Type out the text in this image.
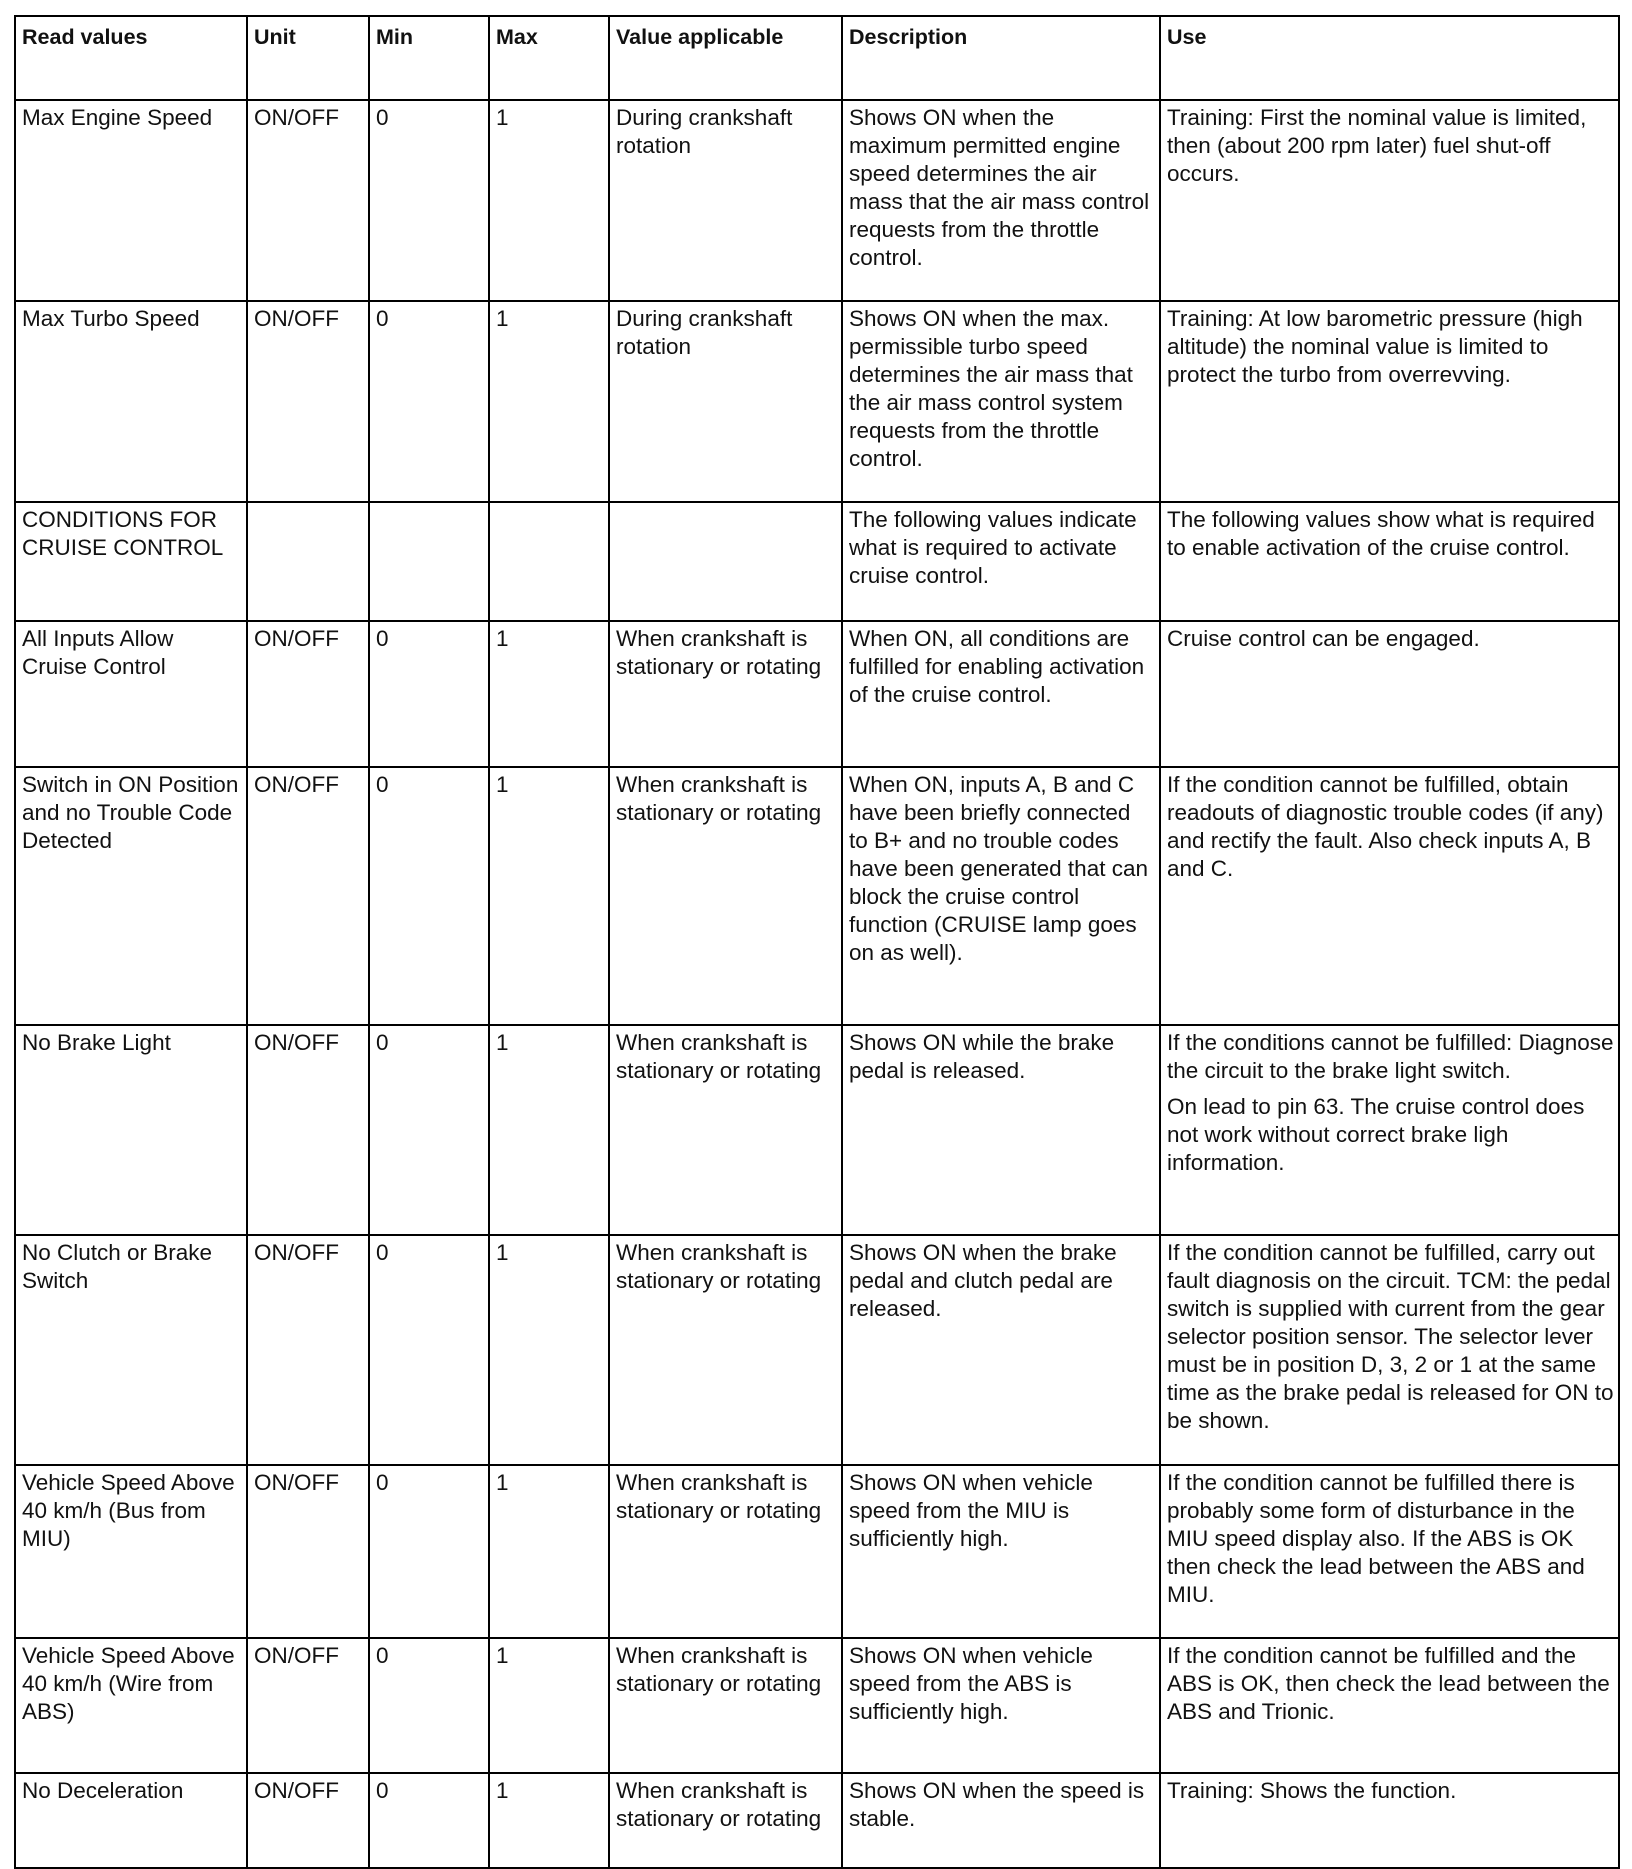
Read values	Unit	Min	Max	Value applicable	Description	Use
Max Engine Speed	ON/OFF	0	1	During crankshaft rotation	Shows ON when the maximum permitted engine speed determines the air mass that the air mass control requests from the throttle control.	Training: First the nominal value is limited, then (about 200 rpm later) fuel shut-off occurs.

Max Turbo Speed	ON/OFF	0	1	During crankshaft rotation	Shows ON when the max. permissible turbo speed determines the air mass that the air mass control system requests from the throttle control.	Training: At low barometric pressure (high altitude) the nominal value is limited to protect the turbo from overrevving.

CONDITIONS FOR CRUISE CONTROL					The following values indicate what is required to activate cruise control.	The following values show what is required to enable activation of the cruise control.

All Inputs Allow Cruise Control	ON/OFF	0	1	When crankshaft is stationary or rotating	When ON, all conditions are fulfilled for enabling activation of the cruise control.	Cruise control can be engaged.

Switch in ON Position and no Trouble Code Detected	ON/OFF	0	1	When crankshaft is stationary or rotating	When ON, inputs A, B and C have been briefly connected to B+ and no trouble codes have been generated that can block the cruise control function (CRUISE lamp goes on as well).	If the condition cannot be fulfilled, obtain readouts of diagnostic trouble codes (if any) and rectify the fault. Also check inputs A, B and C.

No Brake Light	ON/OFF	0	1	When crankshaft is stationary or rotating	Shows ON while the brake pedal is released.	If the conditions cannot be fulfilled: Diagnose the circuit to the brake light switch.
On lead to pin 63. The cruise control does not work without correct brake ligh information.

No Clutch or Brake Switch	ON/OFF	0	1	When crankshaft is stationary or rotating	Shows ON when the brake pedal and clutch pedal are released.	If the condition cannot be fulfilled, carry out fault diagnosis on the circuit. TCM: the pedal switch is supplied with current from the gear selector position sensor. The selector lever must be in position D, 3, 2 or 1 at the same time as the brake pedal is released for ON to be shown.

Vehicle Speed Above 40 km/h (Bus from MIU)	ON/OFF	0	1	When crankshaft is stationary or rotating	Shows ON when vehicle speed from the MIU is sufficiently high.	If the condition cannot be fulfilled there is probably some form of disturbance in the MIU speed display also. If the ABS is OK then check the lead between the ABS and MIU.

Vehicle Speed Above 40 km/h (Wire from ABS)	ON/OFF	0	1	When crankshaft is stationary or rotating	Shows ON when vehicle speed from the ABS is sufficiently high.	If the condition cannot be fulfilled and the ABS is OK, then check the lead between the ABS and Trionic.

No Deceleration	ON/OFF	0	1	When crankshaft is stationary or rotating	Shows ON when the speed is stable.	Training: Shows the function.
